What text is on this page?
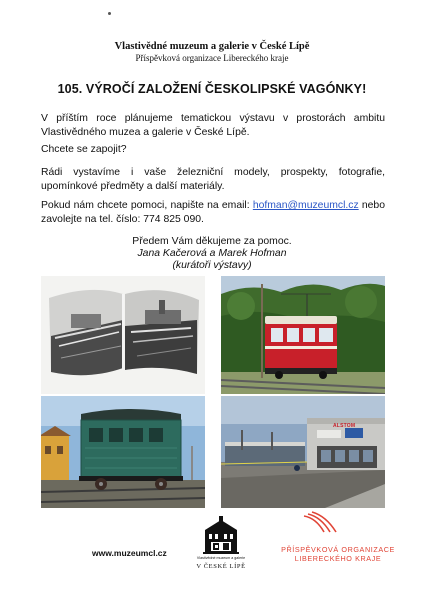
Vlastivědné muzeum a galerie v České Lípě
Příspěvková organizace Libereckého kraje
105. VÝROČÍ ZALOŽENÍ ČESKOLIPSKÉ VAGÓNKY!
V příštím roce plánujeme tematickou výstavu v prostorách ambitu Vlastivědného muzea a galerie v České Lípě.
Chcete se zapojit?
Rádi vystavíme i vaše železniční modely, prospekty, fotografie, upomínkové předměty a další materiály.
Pokud nám chcete pomoci, napište na email: hofman@muzeumcl.cz nebo zavolejte na tel. číslo: 774 825 090.
Předem Vám děkujeme za pomoc.
Jana Kačerová a Marek Hofman
(kurátoři výstavy)
ALSTOM
www.muzeumcl.cz	Vlastivědné muzeum a galerie
V ČESKÉ LÍPĚ
PŘÍSPĚVKOVÁ ORGANIZACE
LIBERECKÉHO KRAJE
